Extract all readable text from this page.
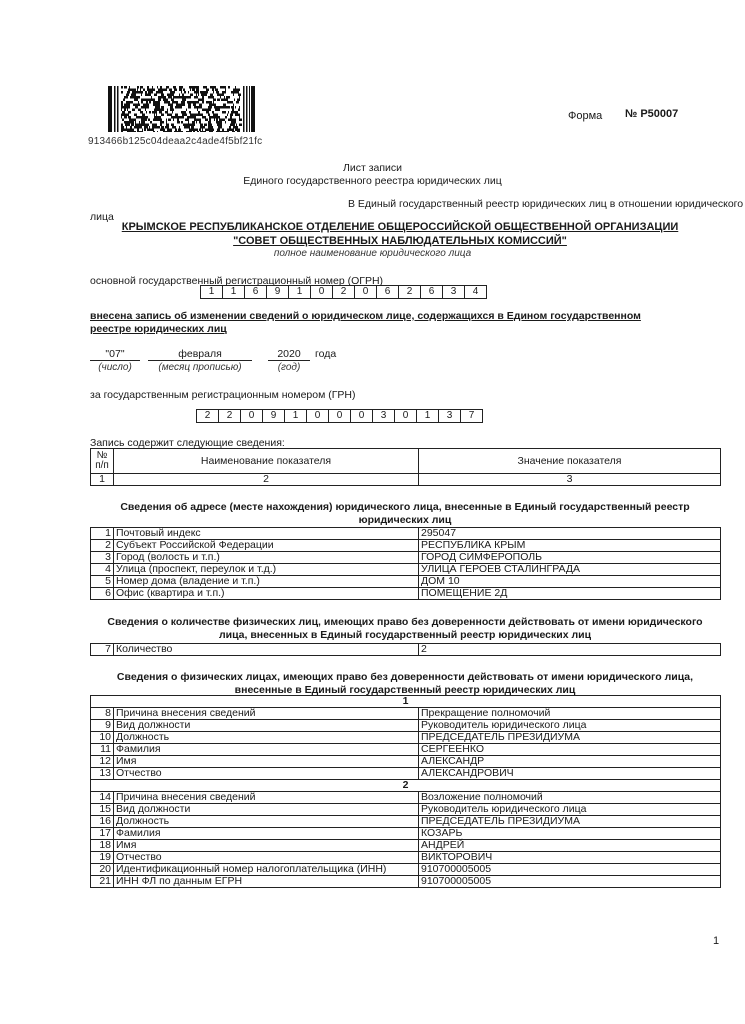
913466b125c04deaa2c4ade4f5bf21fc
Форма № Р50007
Лист записи
Единого государственного реестра юридических лиц
В Единый государственный реестр юридических лиц в отношении юридического
лица
КРЫМСКОЕ РЕСПУБЛИКАНСКОЕ ОТДЕЛЕНИЕ ОБЩЕРОССИЙСКОЙ ОБЩЕСТВЕННОЙ ОРГАНИЗАЦИИ
"СОВЕТ ОБЩЕСТВЕННЫХ НАБЛЮДАТЕЛЬНЫХ КОМИССИЙ"
полное наименование юридического лица
основной государственный регистрационный номер (ОГРН)
1	1	6	9	1	0	2	0	6	2	6	3	4
внесена запись об изменении сведений о юридическом лице, содержащихся в Едином государственном
реестре юридических лиц
"07"	февраля	2020	года
(число)	(месяц прописью)	(год)
за государственным регистрационным номером (ГРН)
2	2	0	9	1	0	0	0	3	0	1	3	7
Запись содержит следующие сведения:
№ п/п	Наименование показателя	Значение показателя
1	2	3
Сведения об адресе (месте нахождения) юридического лица, внесенные в Единый государственный реестр
юридических лиц
1	Почтовый индекс	295047
2	Субъект Российской Федерации	РЕСПУБЛИКА КРЫМ
3	Город (волость и т.п.)	ГОРОД СИМФЕРОПОЛЬ
4	Улица (проспект, переулок и т.д.)	УЛИЦА ГЕРОЕВ СТАЛИНГРАДА
5	Номер дома (владение и т.п.)	ДОМ 10
6	Офис (квартира и т.п.)	ПОМЕЩЕНИЕ 2Д
Сведения о количестве физических лиц, имеющих право без доверенности действовать от имени юридического
лица, внесенных в Единый государственный реестр юридических лиц
7	Количество	2
Сведения о физических лицах, имеющих право без доверенности действовать от имени юридического лица,
внесенные в Единый государственный реестр юридических лиц
1		
8	Причина внесения сведений	Прекращение полномочий
9	Вид должности	Руководитель юридического лица
10	Должность	ПРЕДСЕДАТЕЛЬ ПРЕЗИДИУМА
11	Фамилия	СЕРГЕЕНКО
12	Имя	АЛЕКСАНДР
13	Отчество	АЛЕКСАНДРОВИЧ
2		
14	Причина внесения сведений	Возложение полномочий
15	Вид должности	Руководитель юридического лица
16	Должность	ПРЕДСЕДАТЕЛЬ ПРЕЗИДИУМА
17	Фамилия	КОЗАРЬ
18	Имя	АНДРЕЙ
19	Отчество	ВИКТОРОВИЧ
20	Идентификационный номер налогоплательщика (ИНН)	910700005005
21	ИНН ФЛ по данным ЕГРН	910700005005
1
